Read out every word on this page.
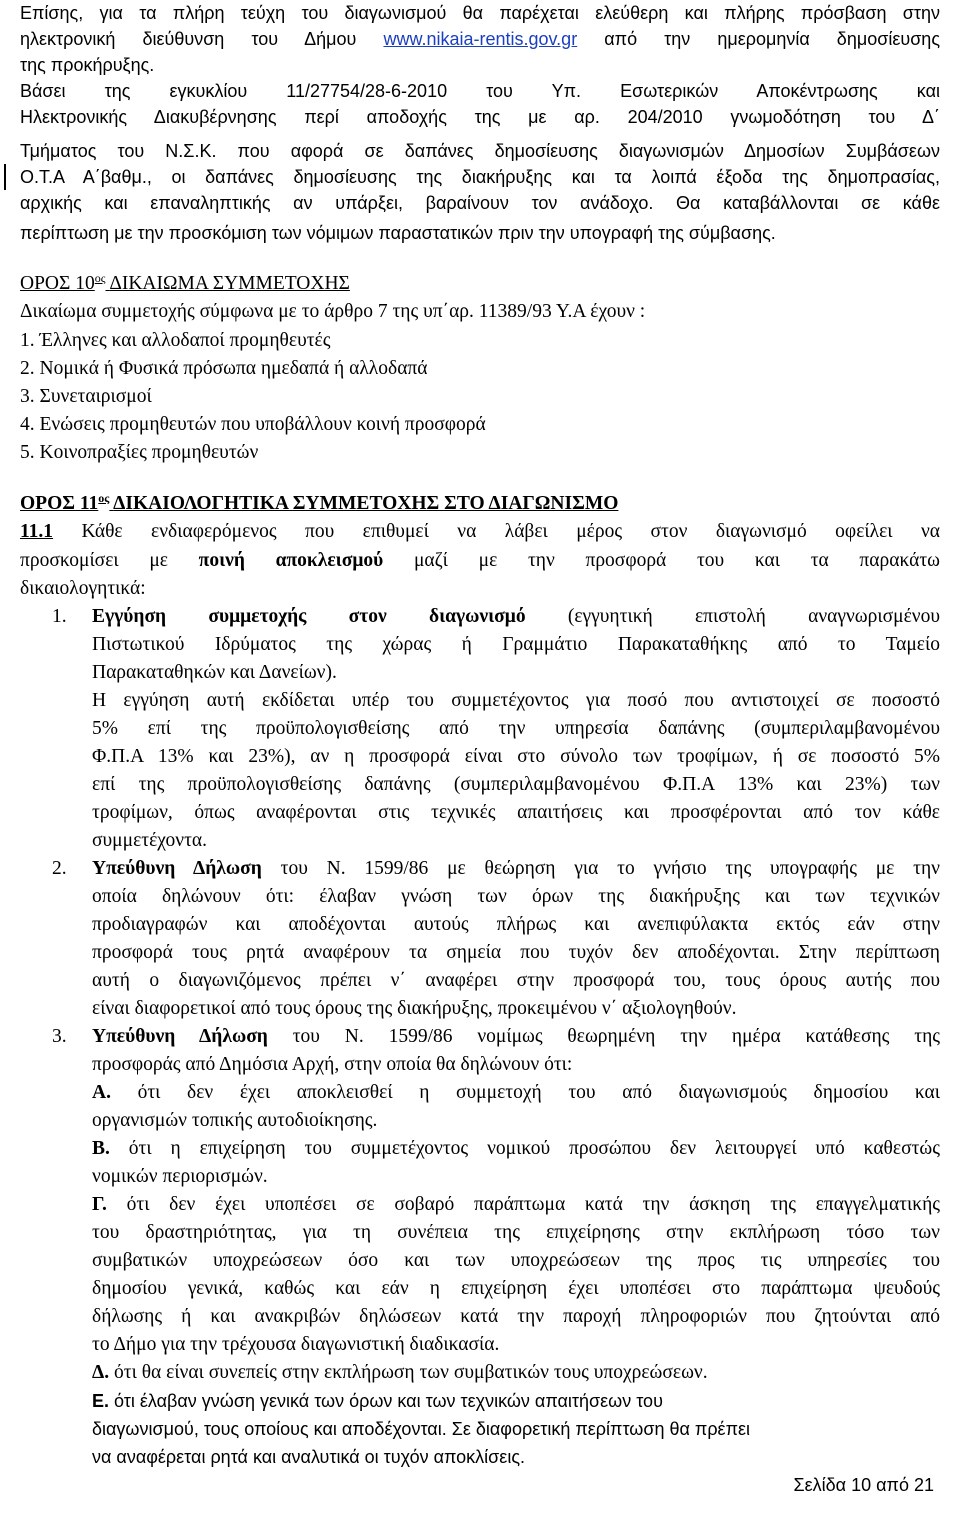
Επίσης, για τα πλήρη τεύχη του διαγωνισμού θα παρέχεται ελεύθερη και πλήρης πρόσβαση στην
ηλεκτρονική διεύθυνση του Δήμου www.nikaia-rentis.gov.gr από την ημερομηνία δημοσίευσης
της προκήρυξης.
Βάσει της εγκυκλίου 11/27754/28-6-2010 του Υπ. Εσωτερικών Αποκέντρωσης και
Ηλεκτρονικής Διακυβέρνησης περί αποδοχής της με αρ. 204/2010 γνωμοδότηση του Δ΄
Τμήματος του Ν.Σ.Κ. που αφορά σε δαπάνες δημοσίευσης διαγωνισμών Δημοσίων Συμβάσεων
Ο.Τ.Α Α΄βαθμ., οι δαπάνες δημοσίευσης της διακήρυξης και τα λοιπά έξοδα της δημοπρασίας,
αρχικής και επαναληπτικής αν υπάρξει, βαραίνουν τον ανάδοχο. Θα καταβάλλονται σε κάθε
περίπτωση με την προσκόμιση των νόμιμων παραστατικών πριν την υπογραφή της σύμβασης.
ΟΡΟΣ $10^{o\varsigma}$ ΔΙΚΑΙΩΜΑ ΣΥΜΜΕΤΟΧΗΣ
Δικαίωμα συμμετοχής σύμφωνα με το άρθρο 7 της υπ΄αρ. 11389/93 Υ.Α έχουν :
1. Έλληνες και αλλοδαποί προμηθευτές
2. Νομικά ή Φυσικά πρόσωπα ημεδαπά ή αλλοδαπά
3. Συνεταιρισμοί
4. Ενώσεις προμηθευτών που υποβάλλουν κοινή προσφορά
5. Κοινοπραξίες προμηθευτών
ΟΡΟΣ $11^{o\varsigma}$ ΔΙΚΑΙΟΛΟΓΗΤΙΚΑ ΣΥΜΜΕΤΟΧΗΣ ΣΤΟ ΔΙΑΓΩΝΙΣΜΟ
11.1 Κάθε ενδιαφερόμενος που επιθυμεί να λάβει μέρος στον διαγωνισμό οφείλει να
προσκομίσει με ποινή αποκλεισμού μαζί με την προσφορά του και τα παρακάτω
δικαιολογητικά:
1.	Εγγύηση συμμετοχής στον διαγωνισμό (εγγυητική επιστολή αναγνωρισμένου
Πιστωτικού Ιδρύματος της χώρας ή Γραμμάτιο Παρακαταθήκης από το Ταμείο
Παρακαταθηκών και Δανείων).
Η εγγύηση αυτή εκδίδεται υπέρ του συμμετέχοντος για ποσό που αντιστοιχεί σε ποσοστό
5% επί της προϋπολογισθείσης από την υπηρεσία δαπάνης (συμπεριλαμβανομένου
Φ.Π.Α 13% και 23%), αν η προσφορά είναι στο σύνολο των τροφίμων, ή σε ποσοστό 5%
επί της προϋπολογισθείσης δαπάνης (συμπεριλαμβανομένου Φ.Π.Α 13% και 23%) των
τροφίμων, όπως αναφέρονται στις τεχνικές απαιτήσεις και προσφέρονται από τον κάθε
συμμετέχοντα.
2.	Υπεύθυνη Δήλωση του Ν. 1599/86 με θεώρηση για το γνήσιο της υπογραφής με την
οποία δηλώνουν ότι: έλαβαν γνώση των όρων της διακήρυξης και των τεχνικών
προδιαγραφών και αποδέχονται αυτούς πλήρως και ανεπιφύλακτα εκτός εάν στην
προσφορά τους ρητά αναφέρουν τα σημεία που τυχόν δεν αποδέχονται. Στην περίπτωση
αυτή ο διαγωνιζόμενος πρέπει ν΄ αναφέρει στην προσφορά του, τους όρους αυτής που
είναι διαφορετικοί από τους όρους της διακήρυξης, προκειμένου ν΄ αξιολογηθούν.
3.	Υπεύθυνη Δήλωση του Ν. 1599/86 νομίμως θεωρημένη την ημέρα κατάθεσης της
προσφοράς από Δημόσια Αρχή, στην οποία θα δηλώνουν ότι:
Α. ότι δεν έχει αποκλεισθεί η συμμετοχή του από διαγωνισμούς δημοσίου και
οργανισμών τοπικής αυτοδιοίκησης.
Β. ότι η επιχείρηση του συμμετέχοντος νομικού προσώπου δεν λειτουργεί υπό καθεστώς
νομικών περιορισμών.
Γ. ότι δεν έχει υποπέσει σε σοβαρό παράπτωμα κατά την άσκηση της επαγγελματικής
του δραστηριότητας, για τη συνέπεια της επιχείρησης στην εκπλήρωση τόσο των
συμβατικών υποχρεώσεων όσο και των υποχρεώσεων της προς τις υπηρεσίες του
δημοσίου γενικά, καθώς και εάν η επιχείρηση έχει υποπέσει στο παράπτωμα ψευδούς
δήλωσης ή και ανακριβών δηλώσεων κατά την παροχή πληροφοριών που ζητούνται από
το Δήμο για την τρέχουσα διαγωνιστική διαδικασία.
Δ. ότι θα είναι συνεπείς στην εκπλήρωση των συμβατικών τους υποχρεώσεων.
Ε. ότι έλαβαν γνώση γενικά των όρων και των τεχνικών απαιτήσεων του
διαγωνισμού, τους οποίους και αποδέχονται. Σε διαφορετική περίπτωση θα πρέπει
να αναφέρεται ρητά και αναλυτικά οι τυχόν αποκλίσεις.
Σελίδα 10 από 21
